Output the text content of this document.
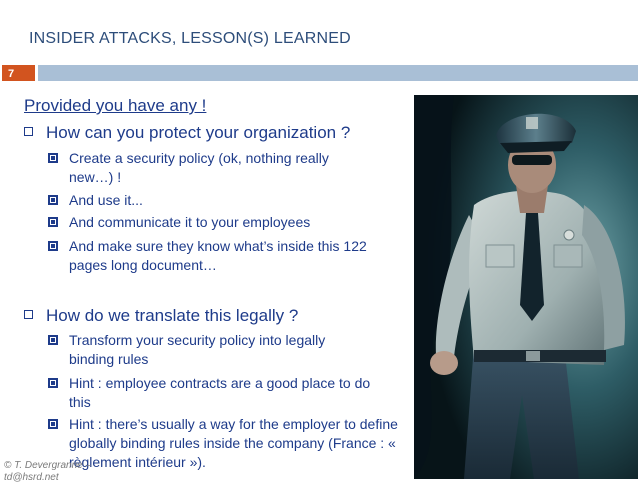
INSIDER ATTACKS, LESSON(S) LEARNED
7
Provided you have any !
How can you protect your organization ?
Create a security policy (ok, nothing really new…) !
And use it...
And communicate it to your employees
And make sure they know what’s inside this 122 pages long document…
How do we translate this legally ?
Transform your security policy into legally binding rules
Hint : employee contracts are a good place to do this
Hint : there’s usually a way for the employer to define globally binding rules inside the company (France : « règlement intérieur »).
© T. Devergranne –
td@hsrd.net
